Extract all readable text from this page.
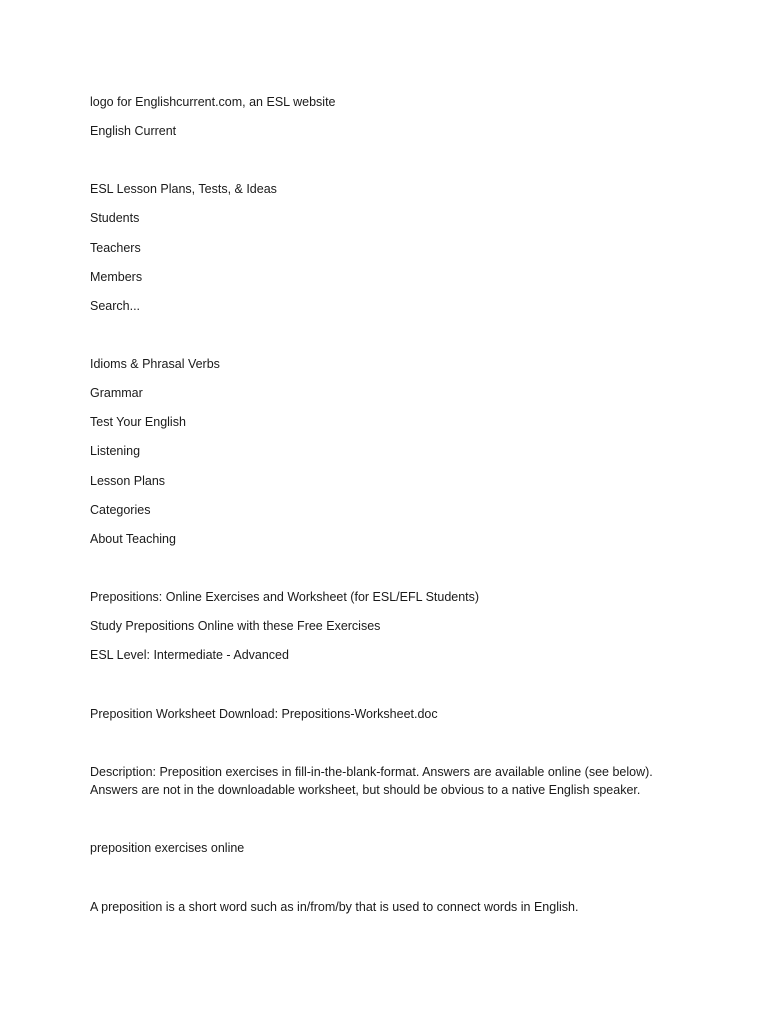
logo for Englishcurrent.com, an ESL website
English Current
ESL Lesson Plans, Tests, & Ideas
Students
Teachers
Members
Search...
Idioms & Phrasal Verbs
Grammar
Test Your English
Listening
Lesson Plans
Categories
About Teaching
Prepositions: Online Exercises and Worksheet (for ESL/EFL Students)
Study Prepositions Online with these Free Exercises
ESL Level: Intermediate - Advanced
Preposition Worksheet Download: Prepositions-Worksheet.doc
Description: Preposition exercises in fill-in-the-blank-format. Answers are available online (see below).
Answers are not in the downloadable worksheet, but should be obvious to a native English speaker.
preposition exercises online
A preposition is a short word such as in/from/by that is used to connect words in English.
